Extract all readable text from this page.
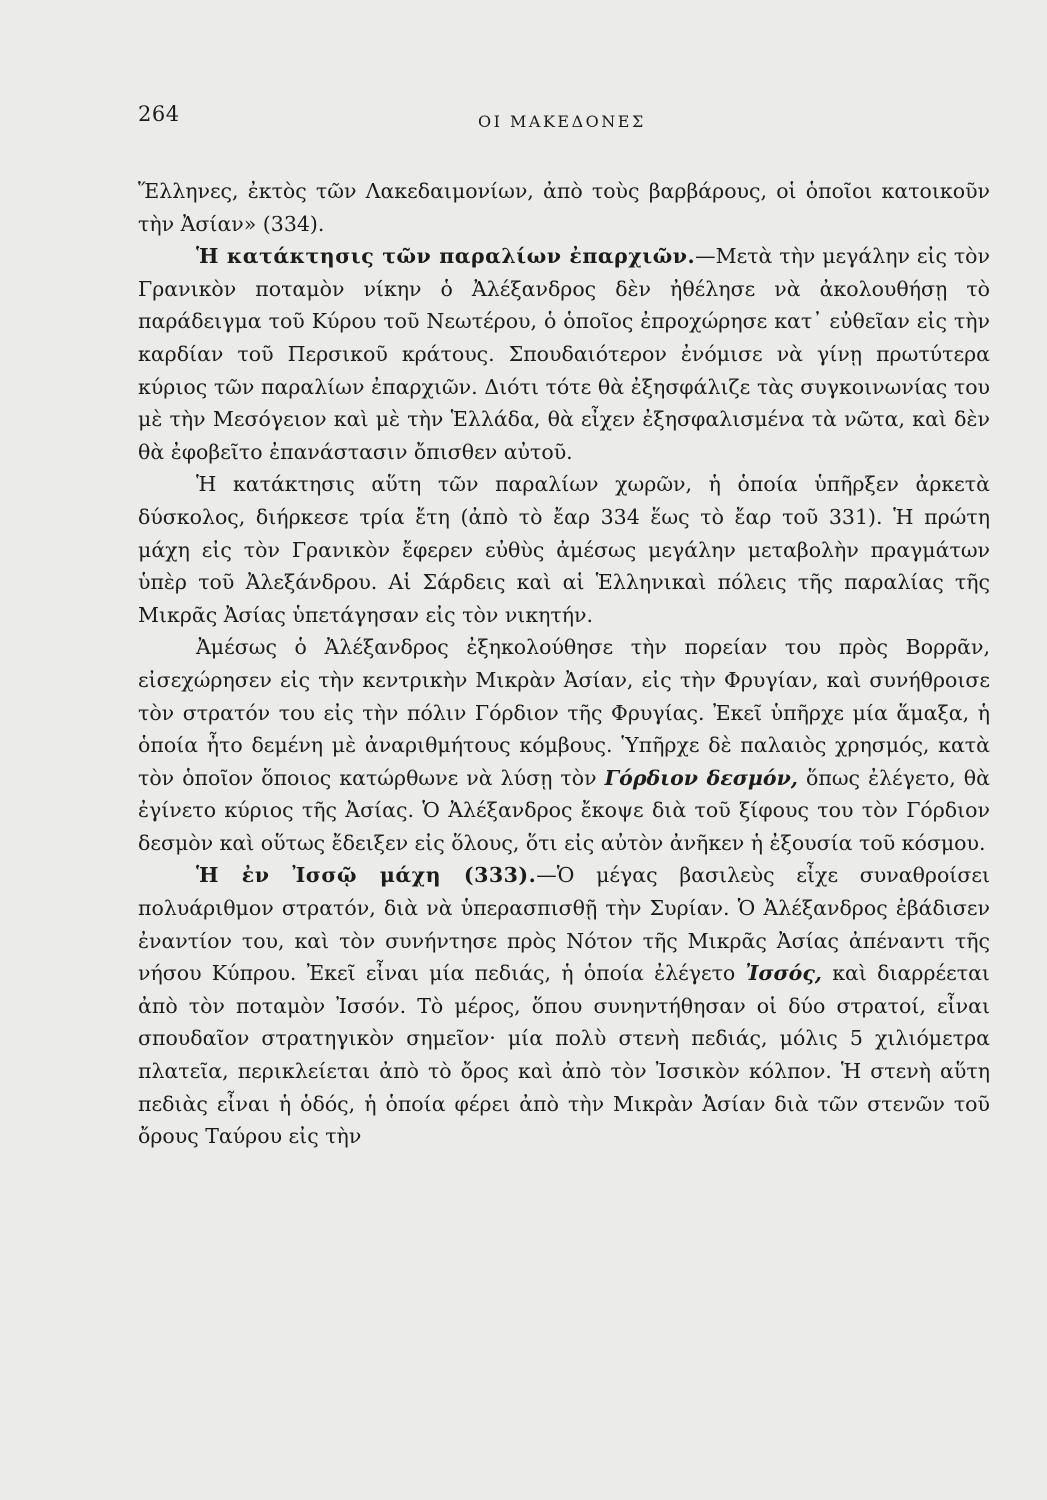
264	ΟΙ ΜΑΚΕΔΟΝΕΣ

Ἕλληνες, ἐκτὸς τῶν Λακεδαιμονίων, ἀπὸ τοὺς βαρβάρους, οἱ ὁποῖοι κατοικοῦν τὴν Ἀσίαν» (334).

Ἡ κατάκτησις τῶν παραλίων ἐπαρχιῶν.—Μετὰ τὴν μεγάλην εἰς τὸν Γρανικὸν ποταμὸν νίκην ὁ Ἀλέξανδρος δὲν ἠθέλησε νὰ ἀκολουθήσῃ τὸ παράδειγμα τοῦ Κύρου τοῦ Νεωτέρου, ὁ ὁποῖος ἐπροχώρησε κατ᾽ εὐθεῖαν εἰς τὴν καρδίαν τοῦ Περσικοῦ κράτους. Σπουδαιότερον ἐνόμισε νὰ γίνῃ πρωτύτερα κύριος τῶν παραλίων ἐπαρχιῶν. Διότι τότε θὰ ἐξησφάλιζε τὰς συγκοινωνίας του μὲ τὴν Μεσόγειον καὶ μὲ τὴν Ἑλλάδα, θὰ εἶχεν ἐξησφαλισμένα τὰ νῶτα, καὶ δὲν θὰ ἐφοβεῖτο ἐπανάστασιν ὄπισθεν αὐτοῦ.

Ἡ κατάκτησις αὕτη τῶν παραλίων χωρῶν, ἡ ὁποία ὑπῆρξεν ἀρκετὰ δύσκολος, διήρκεσε τρία ἔτη (ἀπὸ τὸ ἔαρ 334 ἕως τὸ ἔαρ τοῦ 331). Ἡ πρώτη μάχη εἰς τὸν Γρανικὸν ἔφερεν εὐθὺς ἀμέσως μεγάλην μεταβολὴν πραγμάτων ὑπὲρ τοῦ Ἀλεξάνδρου. Αἱ Σάρδεις καὶ αἱ Ἑλληνικαὶ πόλεις τῆς παραλίας τῆς Μικρᾶς Ἀσίας ὑπετάγησαν εἰς τὸν νικητήν.

Ἀμέσως ὁ Ἀλέξανδρος ἐξηκολούθησε τὴν πορείαν του πρὸς Βορρᾶν, εἰσεχώρησεν εἰς τὴν κεντρικὴν Μικρὰν Ἀσίαν, εἰς τὴν Φρυγίαν, καὶ συνήθροισε τὸν στρατόν του εἰς τὴν πόλιν Γόρδιον τῆς Φρυγίας. Ἐκεῖ ὑπῆρχε μία ἅμαξα, ἡ ὁποία ἦτο δεμένη μὲ ἀναριθμήτους κόμβους. Ὑπῆρχε δὲ παλαιὸς χρησμός, κατὰ τὸν ὁποῖον ὅποιος κατώρθωνε νὰ λύσῃ τὸν Γόρδιον δεσμόν, ὅπως ἐλέγετο, θὰ ἐγίνετο κύριος τῆς Ἀσίας. Ὁ Ἀλέξανδρος ἔκοψε διὰ τοῦ ξίφους του τὸν Γόρδιον δεσμὸν καὶ οὕτως ἔδειξεν εἰς ὅλους, ὅτι εἰς αὐτὸν ἀνῆκεν ἡ ἐξουσία τοῦ κόσμου.

Ἡ ἐν Ἰσσῷ μάχη (333).—Ὁ μέγας βασιλεὺς εἶχε συναθροίσει πολυάριθμον στρατόν, διὰ νὰ ὑπερασπισθῇ τὴν Συρίαν. Ὁ Ἀλέξανδρος ἐβάδισεν ἐναντίον του, καὶ τὸν συνήντησε πρὸς Νότον τῆς Μικρᾶς Ἀσίας ἀπέναντι τῆς νήσου Κύπρου. Ἐκεῖ εἶναι μία πεδιάς, ἡ ὁποία ἐλέγετο Ἰσσός, καὶ διαρρέεται ἀπὸ τὸν ποταμὸν Ἰσσόν. Τὸ μέρος, ὅπου συνηντήθησαν οἱ δύο στρατοί, εἶναι σπουδαῖον στρατηγικὸν σημεῖον· μία πολὺ στενὴ πεδιάς, μόλις 5 χιλιόμετρα πλατεῖα, περικλείεται ἀπὸ τὸ ὄρος καὶ ἀπὸ τὸν Ἰσσικὸν κόλπον. Ἡ στενὴ αὕτη πεδιὰς εἶναι ἡ ὁδός, ἡ ὁποία φέρει ἀπὸ τὴν Μικρὰν Ἀσίαν διὰ τῶν στενῶν τοῦ ὄρους Ταύρου εἰς τὴν
